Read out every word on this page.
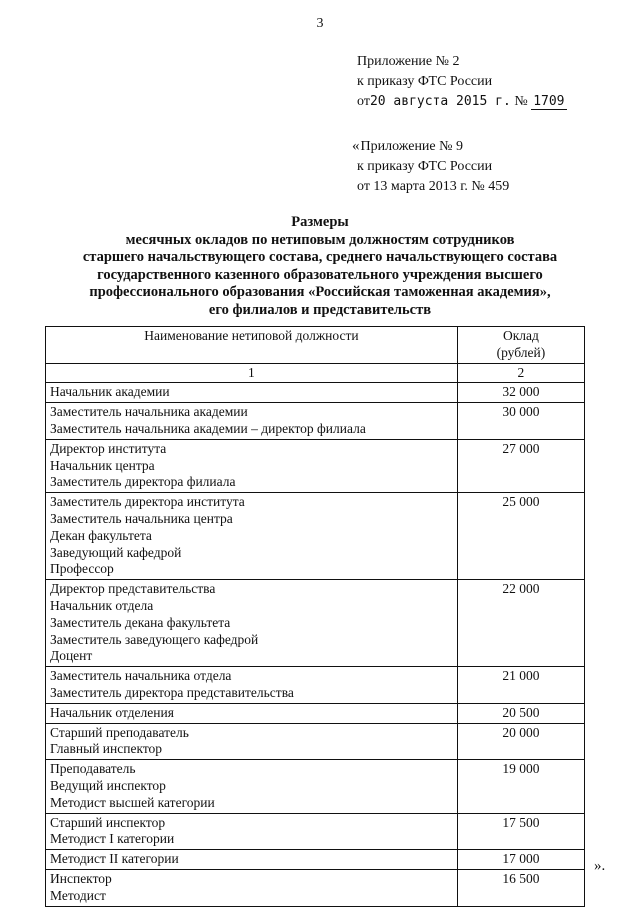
3
Приложение № 2
к приказу ФТС России
от20 августа 2015 г. № 1709
«Приложение № 9
к приказу ФТС России
от 13 марта 2013 г. № 459
Размеры
месячных окладов по нетиповым должностям сотрудников
старшего начальствующего состава, среднего начальствующего состава
государственного казенного образовательного учреждения высшего
профессионального образования «Российская таможенная академия»,
его филиалов и представительств
Наименование нетиповой должности	Оклад
(рублей)

1	2

Начальник академии	32 000

Заместитель начальника академии
Заместитель начальника академии – директор филиала	30 000

Директор института
Начальник центра
Заместитель директора филиала	27 000

Заместитель директора института
Заместитель начальника центра
Декан факультета
Заведующий кафедрой
Профессор	25 000

Директор представительства
Начальник отдела
Заместитель декана факультета
Заместитель заведующего кафедрой
Доцент	22 000

Заместитель начальника отдела
Заместитель директора представительства	21 000

Начальник отделения	20 500

Старший преподаватель
Главный инспектор	20 000

Преподаватель
Ведущий инспектор
Методист высшей категории	19 000

Старший инспектор
Методист I категории	17 500

Методист II категории	17 000

Инспектор
Методист	16 500
».
